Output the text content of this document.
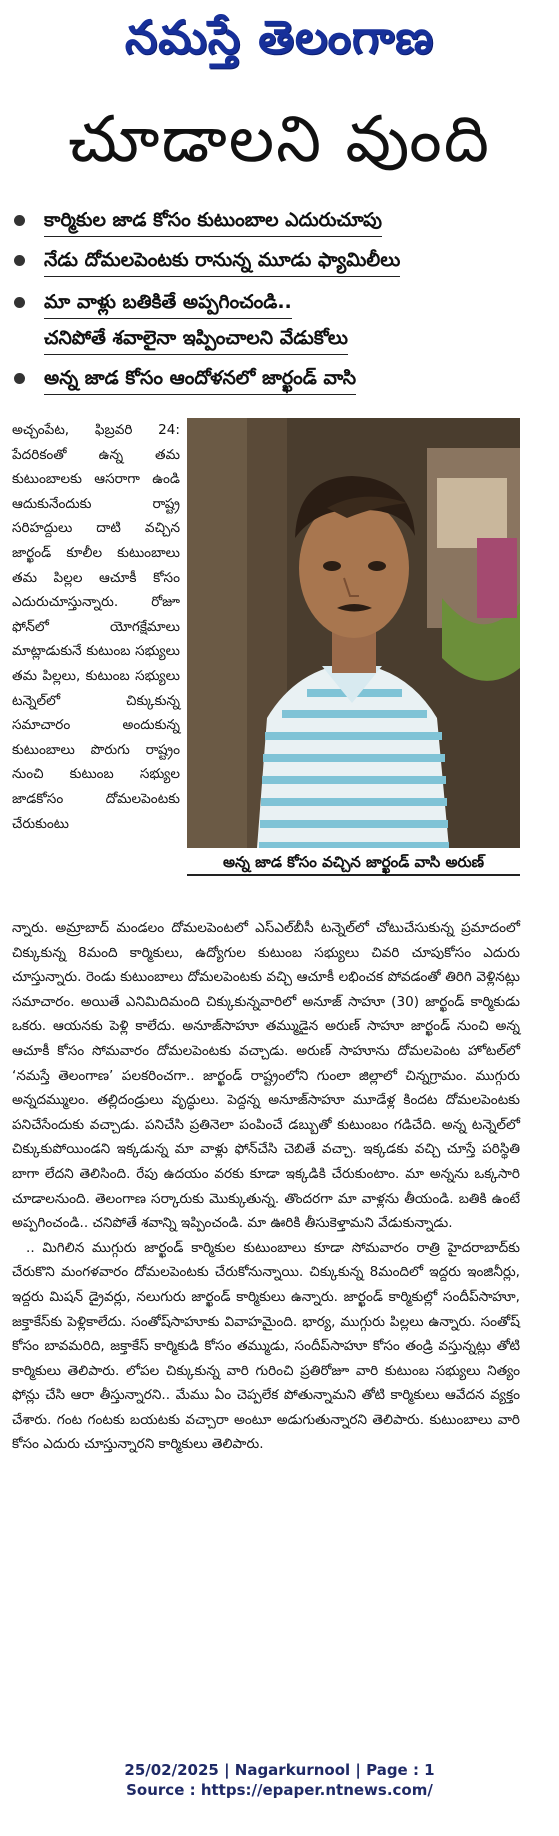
నమస్తే తెలంగాణ
చూడాలని వుంది
కార్మికుల జాడ కోసం కుటుంబాల ఎదురుచూపు
నేడు దోమలపెంటకు రానున్న మూడు ఫ్యామిలీలు
మా వాళ్లు బతికితే అప్పగించండి..
చనిపోతే శవాలైనా ఇప్పించాలని వేడుకోలు
అన్న జాడ కోసం ఆందోళనలో జార్ఖండ్ వాసి
అచ్చంపేట, ఫిబ్రవరి 24: పేదరికంతో ఉన్న తమ కుటుంబాలకు ఆసరాగా ఉండి ఆదుకునేందుకు రాష్ట్ర సరిహద్దులు దాటి వచ్చిన జార్ఖండ్ కూలీల కుటుంబాలు తమ పిల్లల ఆచూకీ కోసం ఎదురుచూస్తున్నారు. రోజూ ఫోన్‌లో యోగక్షేమాలు మాట్లాడుకునే కుటుంబ సభ్యులు తమ పిల్లలు, కుటుంబ సభ్యులు టన్నెల్‌లో చిక్కుకున్న సమాచారం అందుకున్న కుటుంబాలు పొరుగు రాష్ట్రం నుంచి కుటుంబ సభ్యుల జాడకోసం దోమలపెంటకు చేరుకుంటు
అన్న జాడ కోసం వచ్చిన జార్ఖండ్ వాసి అరుణ్

న్నారు. అమ్రాబాద్ మండలం దోమలపెంటలో ఎస్ఎల్‌బీసీ టన్నెల్‌లో చోటుచేసుకున్న ప్రమాదంలో చిక్కుకున్న 8మంది కార్మికులు, ఉద్యోగుల కుటుంబ సభ్యులు చివరి చూపుకోసం ఎదురు చూస్తున్నారు. రెండు కుటుంబాలు దోమలపెంటకు వచ్చి ఆచూకీ లభించక పోవడంతో తిరిగి వెళ్లినట్లు సమాచారం. అయితే ఎనిమిదిమంది చిక్కుకున్నవారిలో అనూజ్ సాహూ (30) జార్ఖండ్ కార్మికుడు ఒకరు. ఆయనకు పెళ్లి కాలేదు. అనూజ్‌సాహూ తమ్ముడైన అరుణ్ సాహూ జార్ఖండ్ నుంచి అన్న ఆచూకీ కోసం సోమవారం దోమలపెంటకు వచ్చాడు. అరుణ్ సాహూను దోమలపెంట హోటల్‌లో ‘నమస్తే తెలంగాణ’ పలకరించగా.. జార్ఖండ్ రాష్ట్రంలోని గుంలా జిల్లాలో చిన్నగ్రామం. ముగ్గురు అన్నదమ్ములం. తల్లిదండ్రులు వృద్ధులు. పెద్దన్న అనూజ్‌సాహూ మూడేళ్ల కిందట దోమలపెంటకు పనిచేసేందుకు వచ్చాడు. పనిచేసి ప్రతినెలా పంపించే డబ్బుతో కుటుంబం గడిచేది. అన్న టన్నెల్‌లో చిక్కుకుపోయిండని ఇక్కడున్న మా వాళ్లు ఫోన్‌చేసి చెబితే వచ్చా. ఇక్కడకు వచ్చి చూస్తే పరిస్థితి బాగా లేదని తెలిసింది. రేపు ఉదయం వరకు కూడా ఇక్కడికి చేరుకుంటాం. మా అన్నను ఒక్కసారి చూడాలనుంది. తెలంగాణ సర్కారుకు మొక్కుతున్న. తొందరగా మా వాళ్లను తీయండి. బతికి ఉంటే అప్పగించండి.. చనిపోతే శవాన్ని ఇప్పించండి. మా ఊరికి తీసుకెళ్తామని వేడుకున్నాడు.

.. మిగిలిన ముగ్గురు జార్ఖండ్ కార్మికుల కుటుంబాలు కూడా సోమవారం రాత్రి హైదరాబాద్‌కు చేరుకొని మంగళవారం దోమలపెంటకు చేరుకోనున్నాయి. చిక్కుకున్న 8మందిలో ఇద్దరు ఇంజినీర్లు, ఇద్దరు మిషన్ డ్రైవర్లు, నలుగురు జార్ఖండ్ కార్మికులు ఉన్నారు. జార్ఖండ్ కార్మికుల్లో సందీప్‌సాహూ, జక్తాకేస్‌కు పెళ్లికాలేదు. సంతోష్‌సాహూకు వివాహమైంది. భార్య, ముగ్గురు పిల్లలు ఉన్నారు. సంతోష్ కోసం బావమరిది, జక్తాకేస్ కార్మికుడి కోసం తమ్ముడు, సందీప్‌సాహూ కోసం తండ్రి వస్తున్నట్లు తోటి కార్మికులు తెలిపారు. లోపల చిక్కుకున్న వారి గురించి ప్రతిరోజూ వారి కుటుంబ సభ్యులు నిత్యం ఫోన్లు చేసి ఆరా తీస్తున్నారని.. మేము ఏం చెప్పలేక పోతున్నామని తోటి కార్మికులు ఆవేదన వ్యక్తం చేశారు. గంట గంటకు బయటకు వచ్చారా అంటూ అడుగుతున్నారని తెలిపారు. కుటుంబాలు వారి కోసం ఎదురు చూస్తున్నారని కార్మికులు తెలిపారు.

25/02/2025 | Nagarkurnool | Page : 1
Source : https://epaper.ntnews.com/
